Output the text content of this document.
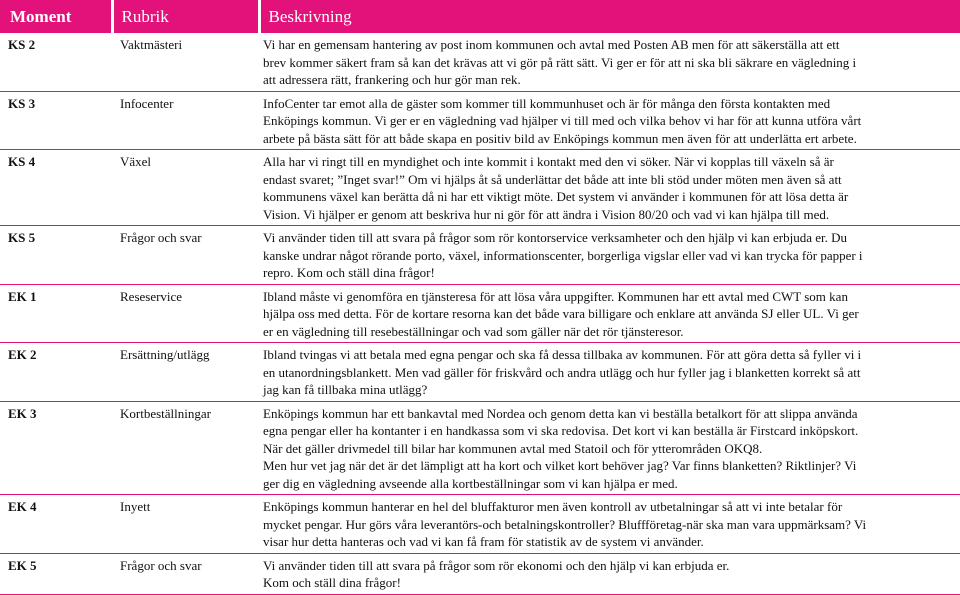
Moment	Rubrik	Beskrivning
KS 2	Vaktmästeri	Vi har en gemensam hantering av post inom kommunen och avtal med Posten AB men för att säkerställa att ett
brev kommer säkert fram så kan det krävas att vi gör på rätt sätt. Vi ger er för att ni ska bli säkrare en vägledning i
att adressera rätt, frankering och hur gör man rek.

KS 3	Infocenter	InfoCenter tar emot alla de gäster som kommer till kommunhuset och är för många den första kontakten med
Enköpings kommun. Vi ger er en vägledning vad hjälper vi till med och vilka behov vi har för att kunna utföra vårt
arbete på bästa sätt för att både skapa en positiv bild av Enköpings kommun men även för att underlätta ert arbete.

KS 4	Växel	Alla har vi ringt till en myndighet och inte kommit i kontakt med den vi söker. När vi kopplas till växeln så är
endast svaret; ”Inget svar!” Om vi hjälps åt så underlättar det både att inte bli stöd under möten men även så att
kommunens växel kan berätta då ni har ett viktigt möte. Det system vi använder i kommunen för att lösa detta är
Vision. Vi hjälper er genom att beskriva hur ni gör för att ändra i Vision 80/20 och vad vi kan hjälpa till med.

KS 5	Frågor och svar	Vi använder tiden till att svara på frågor som rör kontorservice verksamheter och den hjälp vi kan erbjuda er. Du
kanske undrar något rörande porto, växel, informationscenter, borgerliga vigslar eller vad vi kan trycka för papper i
repro. Kom och ställ dina frågor!

EK 1	Reseservice	Ibland måste vi genomföra en tjänsteresa för att lösa våra uppgifter. Kommunen har ett avtal med CWT som kan
hjälpa oss med detta. För de kortare resorna kan det både vara billigare och enklare att använda SJ eller UL. Vi ger
er en vägledning till resebeställningar och vad som gäller när det rör tjänsteresor.

EK 2	Ersättning/utlägg	Ibland tvingas vi att betala med egna pengar och ska få dessa tillbaka av kommunen. För att göra detta så fyller vi i
en utanordningsblankett. Men vad gäller för friskvård och andra utlägg och hur fyller jag i blanketten korrekt så att
jag kan få tillbaka mina utlägg?

EK 3	Kortbeställningar	Enköpings kommun har ett bankavtal med Nordea och genom detta kan vi beställa betalkort för att slippa använda
egna pengar eller ha kontanter i en handkassa som vi ska redovisa. Det kort vi kan beställa är Firstcard inköpskort.
När det gäller drivmedel till bilar har kommunen avtal med Statoil och för ytterområden OKQ8.
Men hur vet jag när det är det lämpligt att ha kort och vilket kort behöver jag? Var finns blanketten? Riktlinjer? Vi
ger dig en vägledning avseende alla kortbeställningar som vi kan hjälpa er med.

EK 4	Inyett	Enköpings kommun hanterar en hel del bluffakturor men även kontroll av utbetalningar så att vi inte betalar för
mycket pengar. Hur görs våra leverantörs-och betalningskontroller? Bluffföretag-när ska man vara uppmärksam? Vi
visar hur detta hanteras och vad vi kan få fram för statistik av de system vi använder.

EK 5	Frågor och svar	Vi använder tiden till att svara på frågor som rör ekonomi och den hjälp vi kan erbjuda er.
Kom och ställ dina frågor!
